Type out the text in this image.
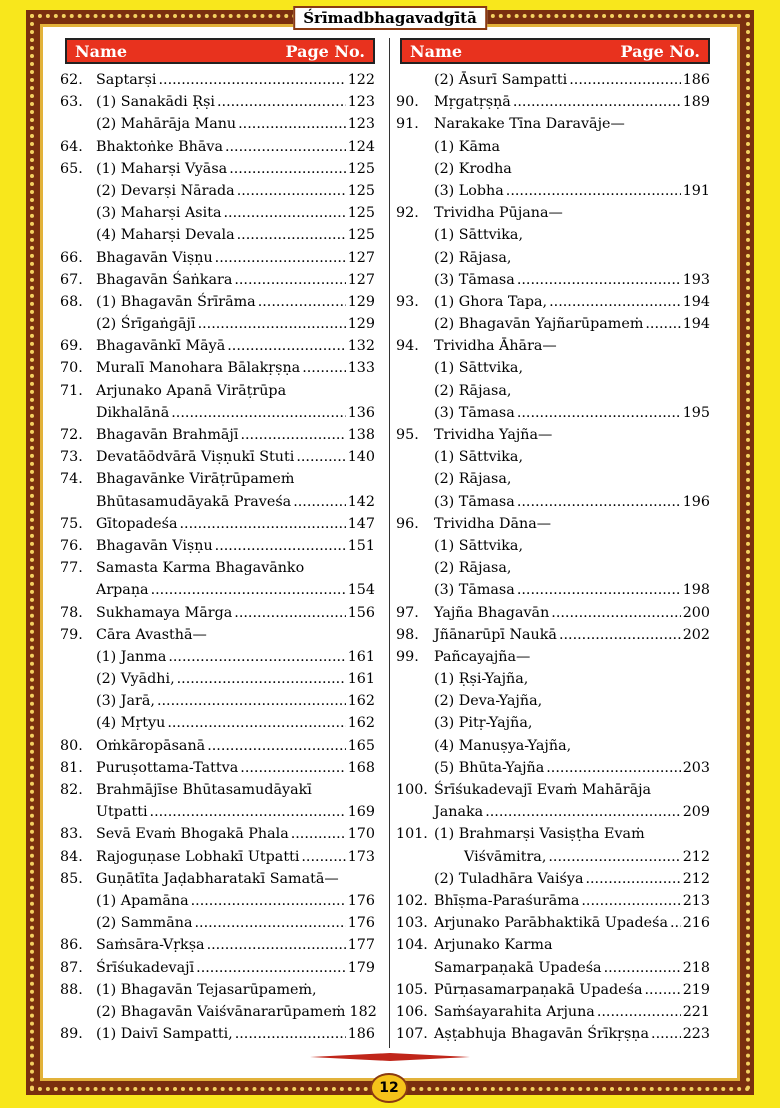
Śrīmadbhagavadgītā
Name	Page No.
62. Saptarṣi .....	122
63. (1) Sanakādi Ṛṣi .....	123
(2) Mahārāja Manu .....	123
64. Bhaktoṅke Bhāva .....	124
65. (1) Maharṣi Vyāsa .....	125
(2) Devarṣi Nārada .....	125
(3) Maharṣi Asita .....	125
(4) Maharṣi Devala .....	125
66. Bhagavān Viṣṇu .....	127
67. Bhagavān Śaṅkara .....	127
68. (1) Bhagavān Śrīrāma .....	129
(2) Śrīgaṅgājī .....	129
69. Bhagavānkī Māyā .....	132
70. Muralī Manohara Bālakṛṣṇa .....	133
71. Arjunako Apanā Virāṭrūpa
Dikhalānā .....	136
72. Bhagavān Brahmājī .....	138
73. Devatāōdvārā Viṣṇukī Stuti .....	140
74. Bhagavānke Virāṭrūpameṁ
Bhūtasamudāyakā Praveśa .....	142
75. Gītopadeśa .....	147
76. Bhagavān Viṣṇu .....	151
77. Samasta Karma Bhagavānko
Arpaṇa .....	154
78. Sukhamaya Mārga .....	156
79. Cāra Avasthā—
(1) Janma .....	161
(2) Vyādhi, .....	161
(3) Jarā, .....	162
(4) Mṛtyu .....	162
80. Oṁkāropāsanā .....	165
81. Puruṣottama-Tattva .....	168
82. Brahmājīse Bhūtasamudāyakī
Utpatti .....	169
83. Sevā Evaṁ Bhogakā Phala .....	170
84. Rajoguṇase Lobhakī Utpatti .....	173
85. Guṇātīta Jaḍabharatakī Samatā—
(1) Apamāna .....	176
(2) Sammāna .....	176
86. Saṁsāra-Vṛkṣa .....	177
87. Śrīśukadevajī .....	179
88. (1) Bhagavān Tejasarūpameṁ,
(2) Bhagavān Vaiśvānararūpameṁ 182
89. (1) Daivī Sampatti, .....	186
Name	Page No.
(2) Āsurī Sampatti .....	186
90.	Mṛgatṛṣṇā .....	189
91.	Narakake Tīna Daravāje—
(1) Kāma
(2) Krodha
(3) Lobha .....	191
92.	Trividha Pūjana—
(1) Sāttvika,
(2) Rājasa,
(3) Tāmasa .....	193
93.	(1) Ghora Tapa, .....	194
(2) Bhagavān Yajñarūpameṁ .....	194
94.	Trividha Āhāra—
(1) Sāttvika,
(2) Rājasa,
(3) Tāmasa .....	195
95.	Trividha Yajña—
(1) Sāttvika,
(2) Rājasa,
(3) Tāmasa .....	196
96.	Trividha Dāna—
(1) Sāttvika,
(2) Rājasa,
(3) Tāmasa .....	198
97.	Yajña Bhagavān .....	200
98.	Jñānarūpī Naukā .....	202
99.	Pañcayajña—
(1) Ṛṣi-Yajña,
(2) Deva-Yajña,
(3) Pitṛ-Yajña,
(4) Manuṣya-Yajña,
(5) Bhūta-Yajña .....	203
100. Śrīśukadevajī Evaṁ Mahārāja
Janaka .....	209
101. (1) Brahmarṣi Vasiṣṭha Evaṁ
Viśvāmitra, .....	212
(2) Tuladhāra Vaiśya .....	212
102. Bhīṣma-Paraśurāma .....	213
103. Arjunako Parābhaktikā Upadeśa ..... 216
104. Arjunako Karma
Samarpaṇakā Upadeśa .....	218
105. Pūrṇasamarpaṇakā Upadeśa .....	219
106. Saṁśayarahita Arjuna .....	221
107. Aṣṭabhuja Bhagavān Śrīkṛṣṇa ..... 223
12
